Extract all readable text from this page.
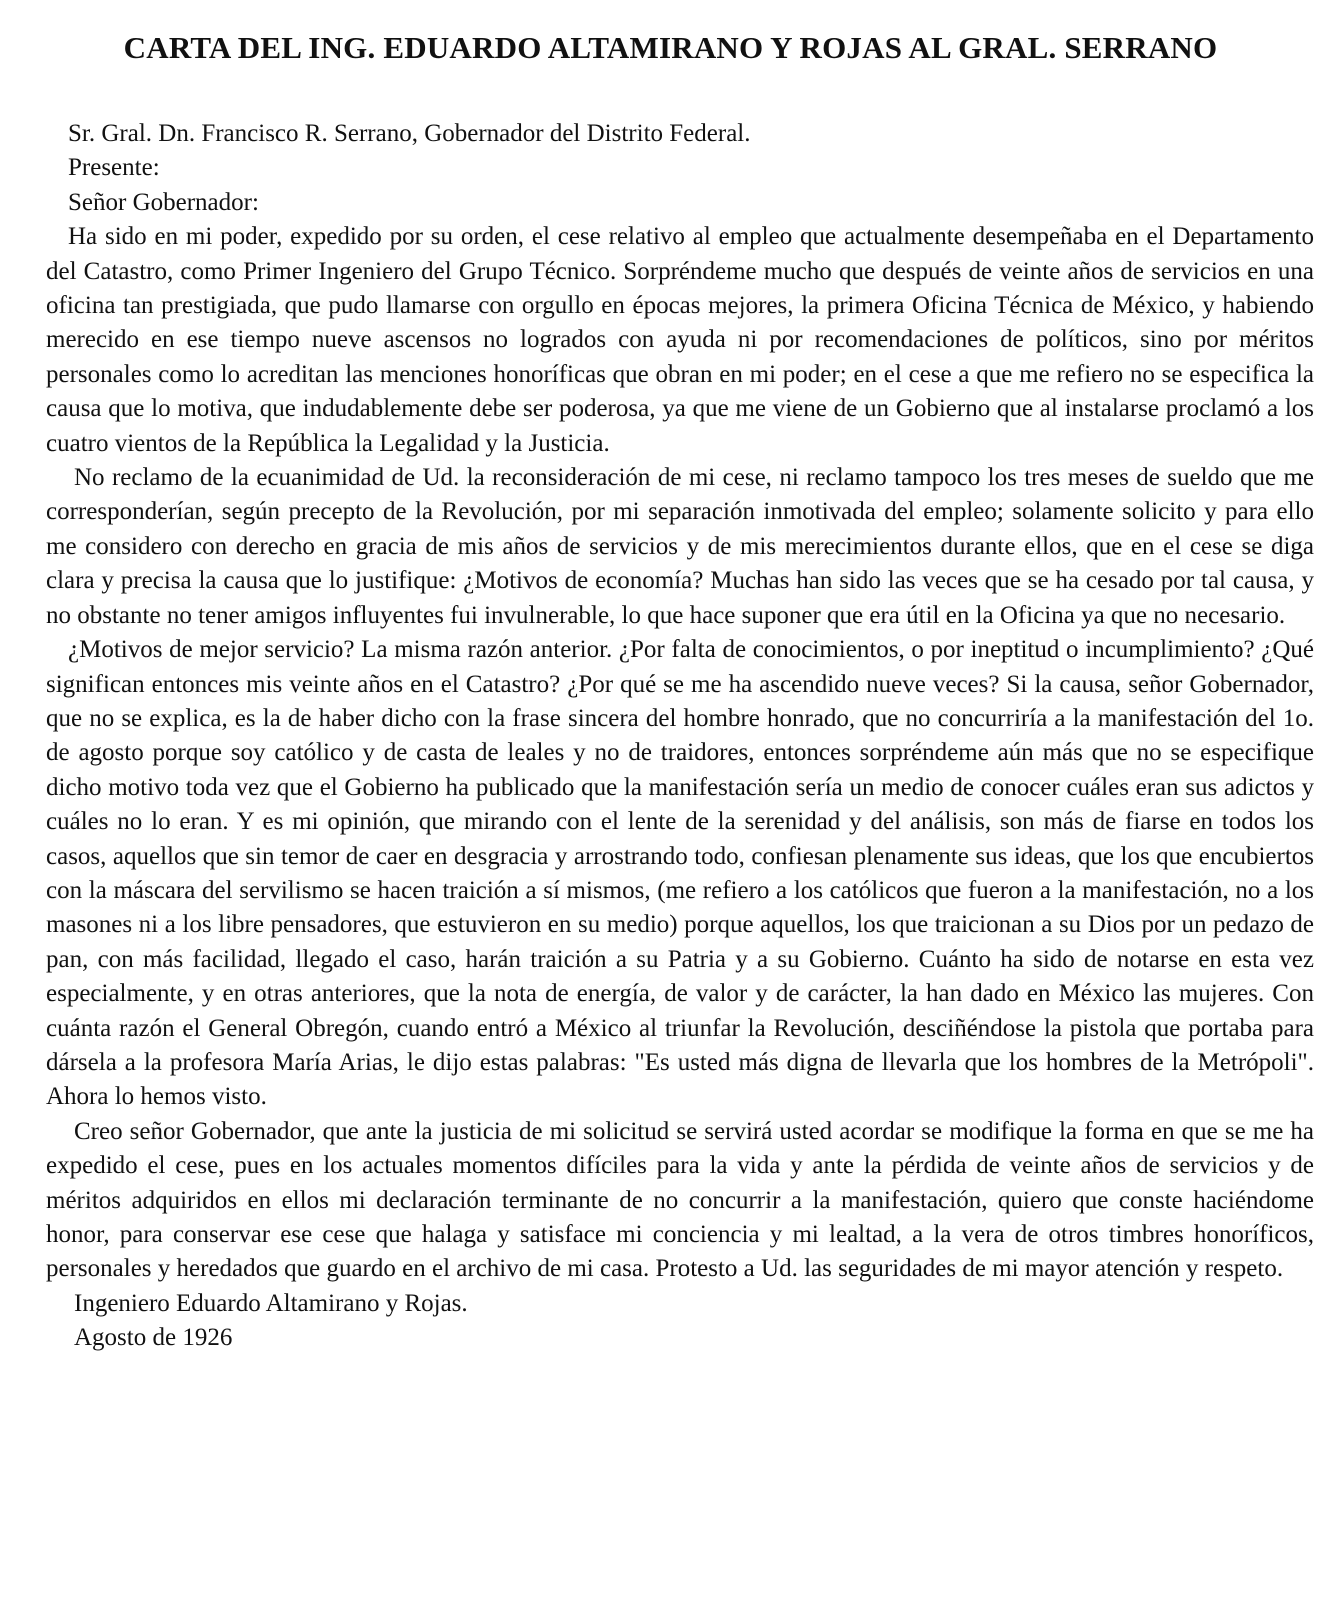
CARTA DEL ING. EDUARDO ALTAMIRANO Y ROJAS AL GRAL. SERRANO
Sr. Gral. Dn. Francisco R. Serrano, Gobernador del Distrito Federal.
Presente:
Señor Gobernador:

Ha sido en mi poder, expedido por su orden, el cese relativo al empleo que actualmente desempeñaba en el Departamento del Catastro, como Primer Ingeniero del Grupo Técnico. Sorpréndeme mucho que después de veinte años de servicios en una oficina tan prestigiada, que pudo llamarse con orgullo en épocas mejores, la primera Oficina Técnica de México, y habiendo merecido en ese tiempo nueve ascensos no logrados con ayuda ni por recomendaciones de políticos, sino por méritos personales como lo acreditan las menciones honoríficas que obran en mi poder; en el cese a que me refiero no se especifica la causa que lo motiva, que indudablemente debe ser poderosa, ya que me viene de un Gobierno que al instalarse proclamó a los cuatro vientos de la República la Legalidad y la Justicia.

No reclamo de la ecuanimidad de Ud. la reconsideración de mi cese, ni reclamo tampoco los tres meses de sueldo que me corresponderían, según precepto de la Revolución, por mi separación inmotivada del empleo; solamente solicito y para ello me considero con derecho en gracia de mis años de servicios y de mis merecimientos durante ellos, que en el cese se diga clara y precisa la causa que lo justifique: ¿Motivos de economía? Muchas han sido las veces que se ha cesado por tal causa, y no obstante no tener amigos influyentes fui invulnerable, lo que hace suponer que era útil en la Oficina ya que no necesario.

¿Motivos de mejor servicio? La misma razón anterior. ¿Por falta de conocimientos, o por ineptitud o incumplimiento? ¿Qué significan entonces mis veinte años en el Catastro? ¿Por qué se me ha ascendido nueve veces? Si la causa, señor Gobernador, que no se explica, es la de haber dicho con la frase sincera del hombre honrado, que no concurriría a la manifestación del 1o. de agosto porque soy católico y de casta de leales y no de traidores, entonces sorpréndeme aún más que no se especifique dicho motivo toda vez que el Gobierno ha publicado que la manifestación sería un medio de conocer cuáles eran sus adictos y cuáles no lo eran. Y es mi opinión, que mirando con el lente de la serenidad y del análisis, son más de fiarse en todos los casos, aquellos que sin temor de caer en desgracia y arrostrando todo, confiesan plenamente sus ideas, que los que encubiertos con la máscara del servilismo se hacen traición a sí mismos, (me refiero a los católicos que fueron a la manifestación, no a los masones ni a los libre pensadores, que estuvieron en su medio) porque aquellos, los que traicionan a su Dios por un pedazo de pan, con más facilidad, llegado el caso, harán traición a su Patria y a su Gobierno. Cuánto ha sido de notarse en esta vez especialmente, y en otras anteriores, que la nota de energía, de valor y de carácter, la han dado en México las mujeres. Con cuánta razón el General Obregón, cuando entró a México al triunfar la Revolución, desciñéndose la pistola que portaba para dársela a la profesora María Arias, le dijo estas palabras: "Es usted más digna de llevarla que los hombres de la Metrópoli". Ahora lo hemos visto.

Creo señor Gobernador, que ante la justicia de mi solicitud se servirá usted acordar se modifique la forma en que se me ha expedido el cese, pues en los actuales momentos difíciles para la vida y ante la pérdida de veinte años de servicios y de méritos adquiridos en ellos mi declaración terminante de no concurrir a la manifestación, quiero que conste haciéndome honor, para conservar ese cese que halaga y satisface mi conciencia y mi lealtad, a la vera de otros timbres honoríficos, personales y heredados que guardo en el archivo de mi casa. Protesto a Ud. las seguridades de mi mayor atención y respeto.

Ingeniero Eduardo Altamirano y Rojas.
Agosto de 1926
